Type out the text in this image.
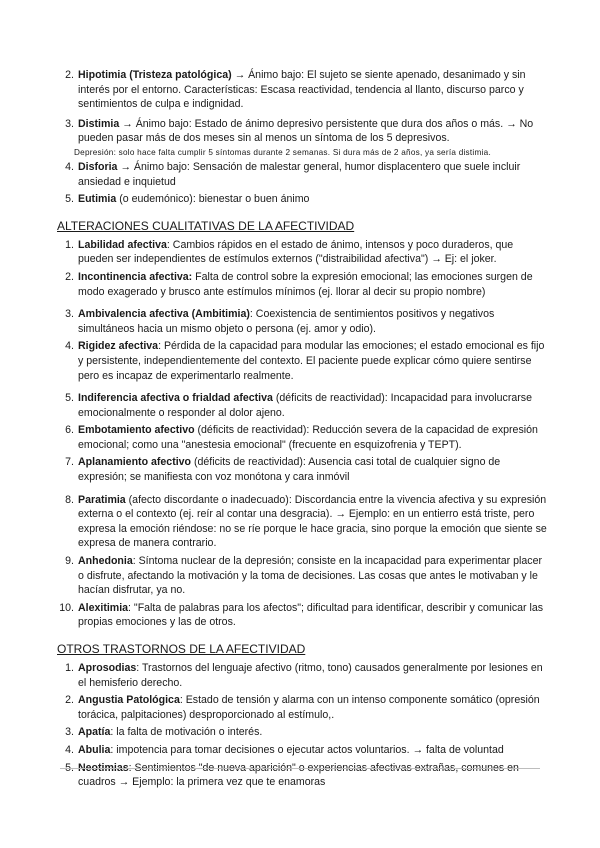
2. Hipotimia (Tristeza patológica) → Ánimo bajo: El sujeto se siente apenado, desanimado y sin interés por el entorno. Características: Escasa reactividad, tendencia al llanto, discurso parco y sentimientos de culpa e indignidad.
3. Distimia → Ánimo bajo: Estado de ánimo depresivo persistente que dura dos años o más. → No pueden pasar más de dos meses sin al menos un síntoma de los 5 depresivos.
Depresión: solo hace falta cumplir 5 síntomas durante 2 semanas. Si dura más de 2 años, ya sería distimia.
4. Disforia → Ánimo bajo: Sensación de malestar general, humor displacentero que suele incluir ansiedad e inquietud
5. Eutimia (o eudemónico): bienestar o buen ánimo
ALTERACIONES CUALITATIVAS DE LA AFECTIVIDAD
1. Labilidad afectiva: Cambios rápidos en el estado de ánimo, intensos y poco duraderos, que pueden ser independientes de estímulos externos ("distraibilidad afectiva") → Ej: el joker.
2. Incontinencia afectiva: Falta de control sobre la expresión emocional; las emociones surgen de modo exagerado y brusco ante estímulos mínimos (ej. llorar al decir su propio nombre)
3. Ambivalencia afectiva (Ambitimia): Coexistencia de sentimientos positivos y negativos simultáneos hacia un mismo objeto o persona (ej. amor y odio).
4. Rigidez afectiva: Pérdida de la capacidad para modular las emociones; el estado emocional es fijo y persistente, independientemente del contexto. El paciente puede explicar cómo quiere sentirse pero es incapaz de experimentarlo realmente.
5. Indiferencia afectiva o frialdad afectiva (déficits de reactividad): Incapacidad para involucrarse emocionalmente o responder al dolor ajeno.
6. Embotamiento afectivo (déficits de reactividad): Reducción severa de la capacidad de expresión emocional; como una "anestesia emocional" (frecuente en esquizofrenia y TEPT).
7. Aplanamiento afectivo (déficits de reactividad): Ausencia casi total de cualquier signo de expresión; se manifiesta con voz monótona y cara inmóvil
8. Paratimia (afecto discordante o inadecuado): Discordancia entre la vivencia afectiva y su expresión externa o el contexto (ej. reír al contar una desgracia). → Ejemplo: en un entierro está triste, pero expresa la emoción riéndose: no se ríe porque le hace gracia, sino porque la emoción que siente se expresa de manera contrario.
9. Anhedonia: Síntoma nuclear de la depresión; consiste en la incapacidad para experimentar placer o disfrute, afectando la motivación y la toma de decisiones. Las cosas que antes le motivaban y le hacían disfrutar, ya no.
10. Alexitimia: "Falta de palabras para los afectos"; dificultad para identificar, describir y comunicar las propias emociones y las de otros.
OTROS TRASTORNOS DE LA AFECTIVIDAD
1. Aprosodias: Trastornos del lenguaje afectivo (ritmo, tono) causados generalmente por lesiones en el hemisferio derecho.
2. Angustia Patológica: Estado de tensión y alarma con un intenso componente somático (opresión torácica, palpitaciones) desproporcionado al estímulo,.
3. Apatía: la falta de motivación o interés.
4. Abulia: impotencia para tomar decisiones o ejecutar actos voluntarios. → falta de voluntad
5. Neotimias: Sentimientos "de nueva aparición" o experiencias afectivas extrañas, comunes en cuadros → Ejemplo: la primera vez que te enamoras
